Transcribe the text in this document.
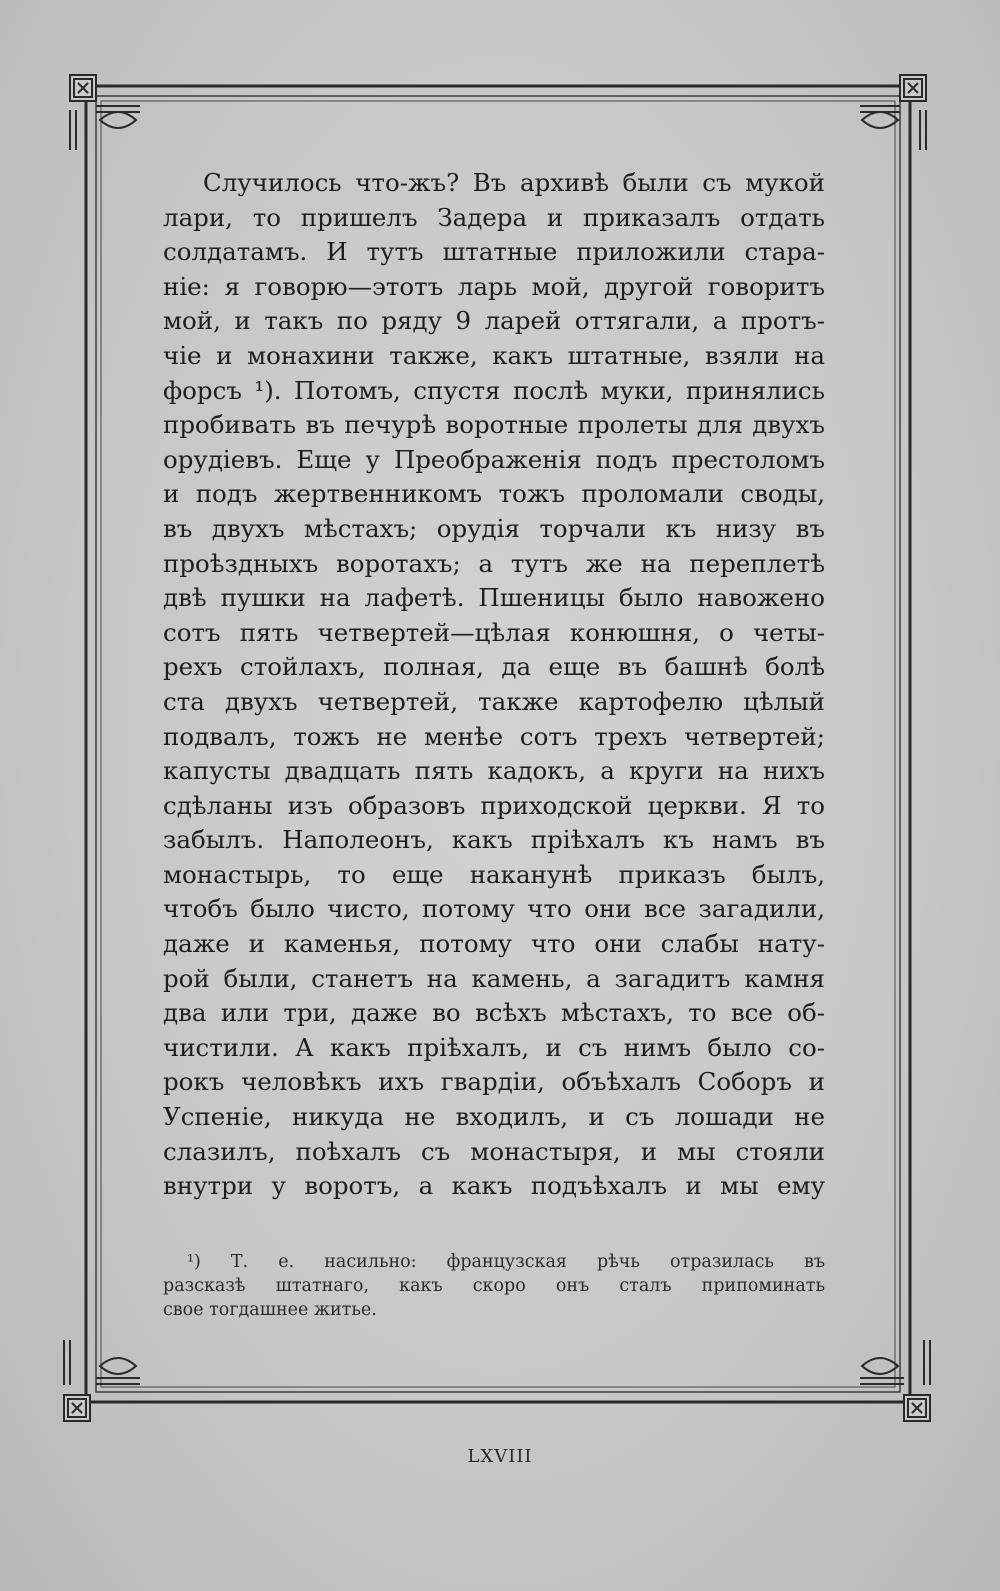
Случилось что-жъ? Въ архивѣ были съ мукой
лари, то пришелъ Задера и приказалъ отдать
солдатамъ. И тутъ штатные приложили стара-
ніе: я говорю—этотъ ларь мой, другой говоритъ
мой, и такъ по ряду 9 ларей оттягали, а протъ-
чіе и монахини также, какъ штатные, взяли на
форсъ ¹). Потомъ, спустя послѣ муки, принялись
пробивать въ печурѣ воротные пролеты для двухъ
орудіевъ. Еще у Преображенія подъ престоломъ
и подъ жертвенникомъ тожъ проломали своды,
въ двухъ мѣстахъ; орудія торчали къ низу въ
проѣздныхъ воротахъ; а тутъ же на переплетѣ
двѣ пушки на лафетѣ. Пшеницы было навожено
сотъ пять четвертей—цѣлая конюшня, о четы-
рехъ стойлахъ, полная, да еще въ башнѣ болѣ
ста двухъ четвертей, также картофелю цѣлый
подвалъ, тожъ не менѣе сотъ трехъ четвертей;
капусты двадцать пять кадокъ, а круги на нихъ
сдѣланы изъ образовъ приходской церкви. Я то
забылъ. Наполеонъ, какъ пріѣхалъ къ намъ въ
монастырь, то еще наканунѣ приказъ былъ,
чтобъ было чисто, потому что они все загадили,
даже и каменья, потому что они слабы нату-
рой были, станетъ на камень, а загадитъ камня
два или три, даже во всѣхъ мѣстахъ, то все об-
чистили. А какъ пріѣхалъ, и съ нимъ было со-
рокъ человѣкъ ихъ гвардіи, объѣхалъ Соборъ и
Успеніе, никуда не входилъ, и съ лошади не
слазилъ, поѣхалъ съ монастыря, и мы стояли
внутри у воротъ, а какъ подъѣхалъ и мы ему
¹) Т. е. насильно: французская рѣчь отразилась въ
разсказѣ штатнаго, какъ скоро онъ сталъ припоминать
свое тогдашнее житье.
LXVIII
